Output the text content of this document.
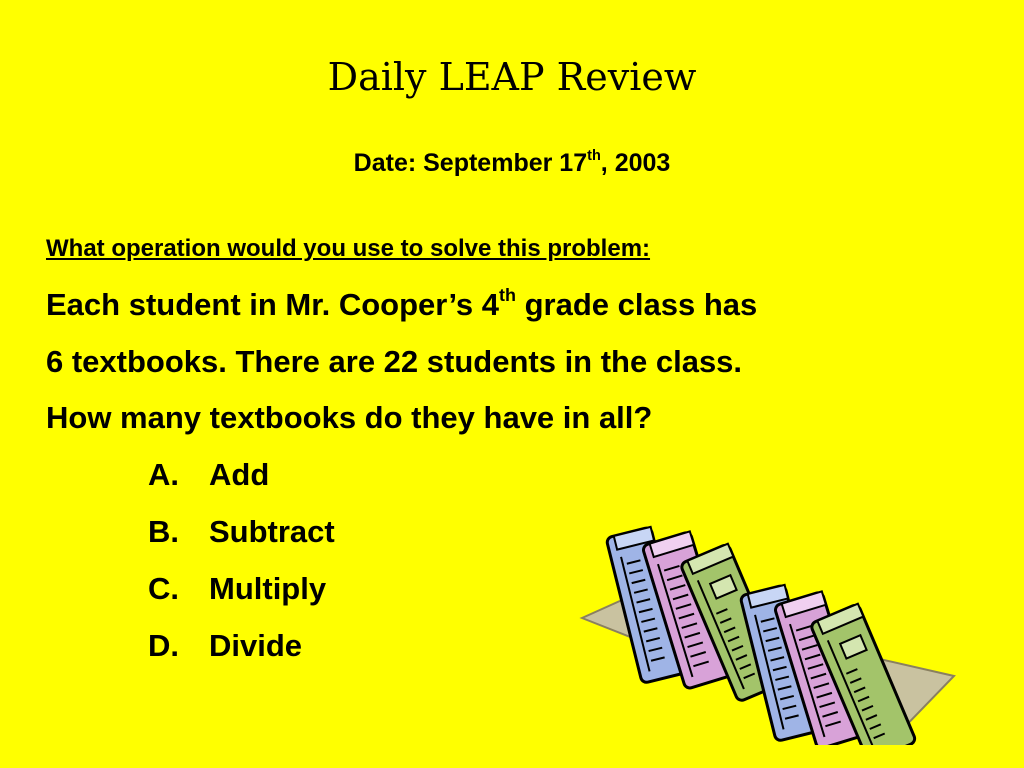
Daily LEAP Review
Date: September 17th, 2003
What operation would you use to solve this problem:
Each student in Mr. Cooper’s 4th grade class has
6 textbooks. There are 22 students in the class.
How many textbooks do they have in all?
A. Add
B. Subtract
C. Multiply
D. Divide
